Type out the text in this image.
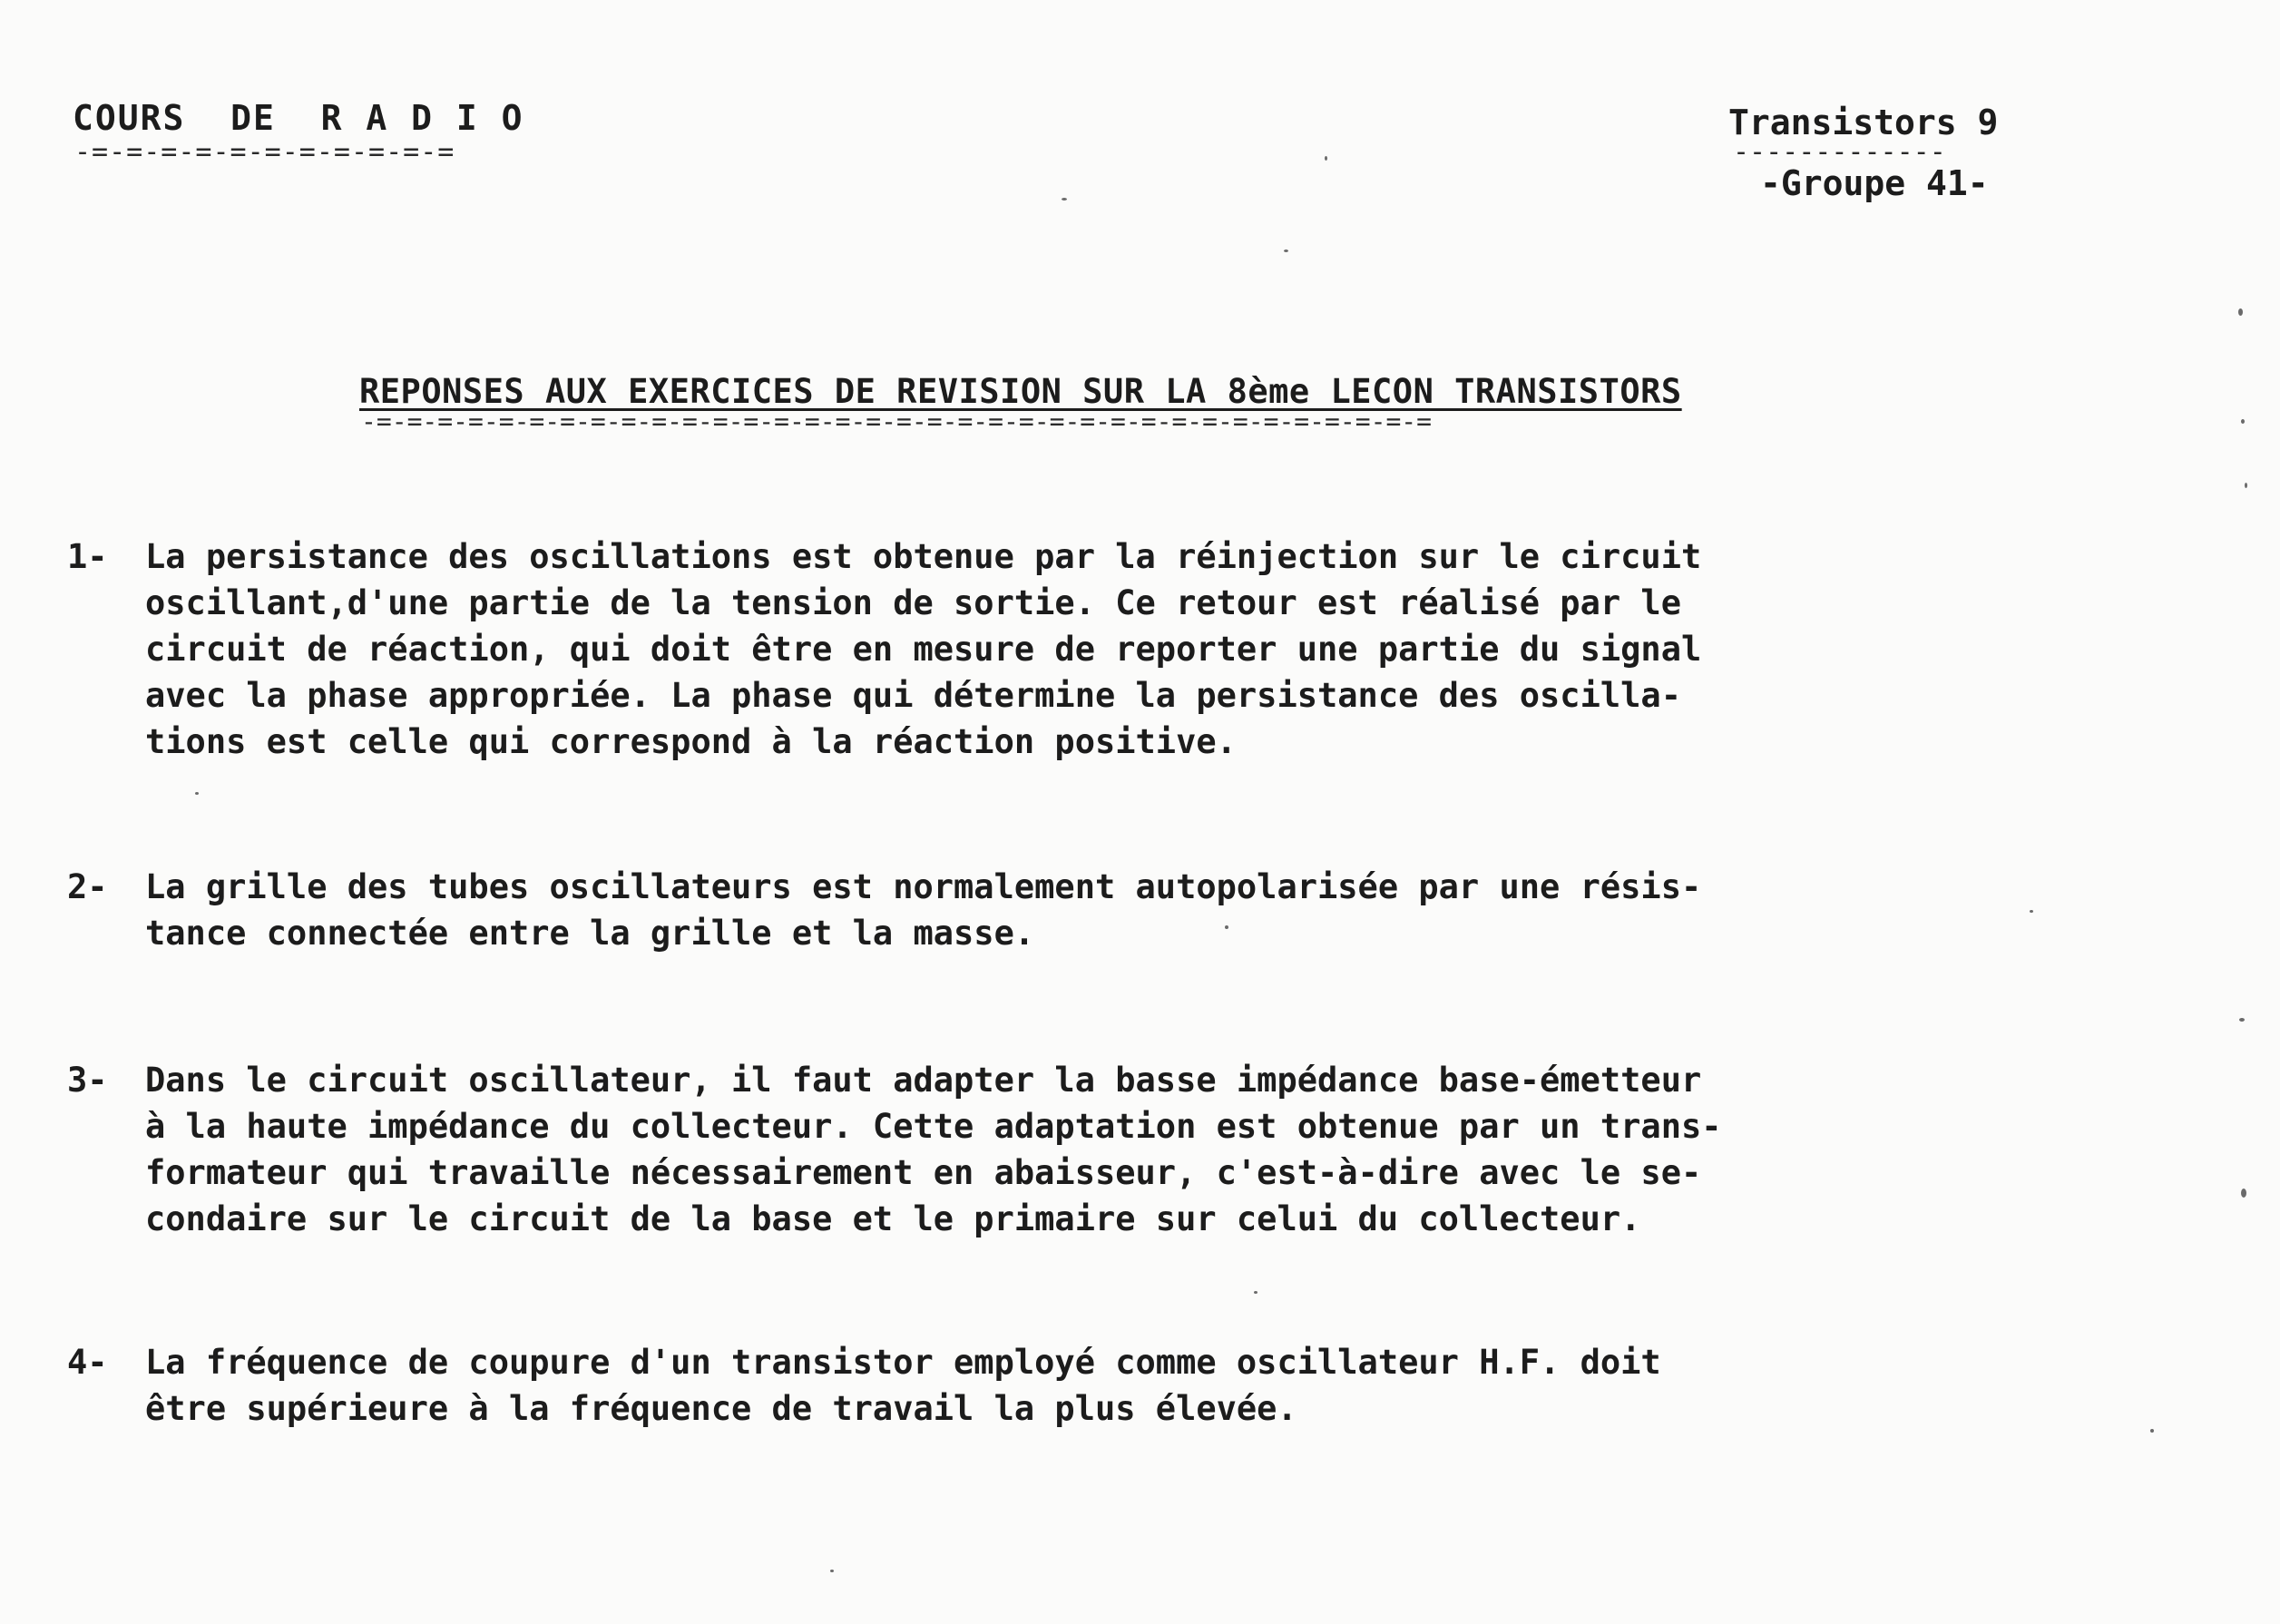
COURS  DE  R A D I O
-=-=-=-=-=-=-=-=-=-=-=
Transistors 9
-------------
-Groupe 41-
REPONSES AUX EXERCICES DE REVISION SUR LA 8ème LECON TRANSISTORS
-=-=-=-=-=-=-=-=-=-=-=-=-=-=-=-=-=-=-=-=-=-=-=-=-=-=-=-=-=-=-=-=-=-=-=
1- La persistance des oscillations est obtenue par la réinjection sur le circuit
oscillant,d'une partie de la tension de sortie. Ce retour est réalisé par le
circuit de réaction, qui doit être en mesure de reporter une partie du signal
avec la phase appropriée. La phase qui détermine la persistance des oscilla-
tions est celle qui correspond à la réaction positive.
2- La grille des tubes oscillateurs est normalement autopolarisée par une résis-
tance connectée entre la grille et la masse.
3- Dans le circuit oscillateur, il faut adapter la basse impédance base-émetteur
à la haute impédance du collecteur. Cette adaptation est obtenue par un trans-
formateur qui travaille nécessairement en abaisseur, c'est-à-dire avec le se-
condaire sur le circuit de la base et le primaire sur celui du collecteur.
4- La fréquence de coupure d'un transistor employé comme oscillateur H.F. doit
être supérieure à la fréquence de travail la plus élevée.
